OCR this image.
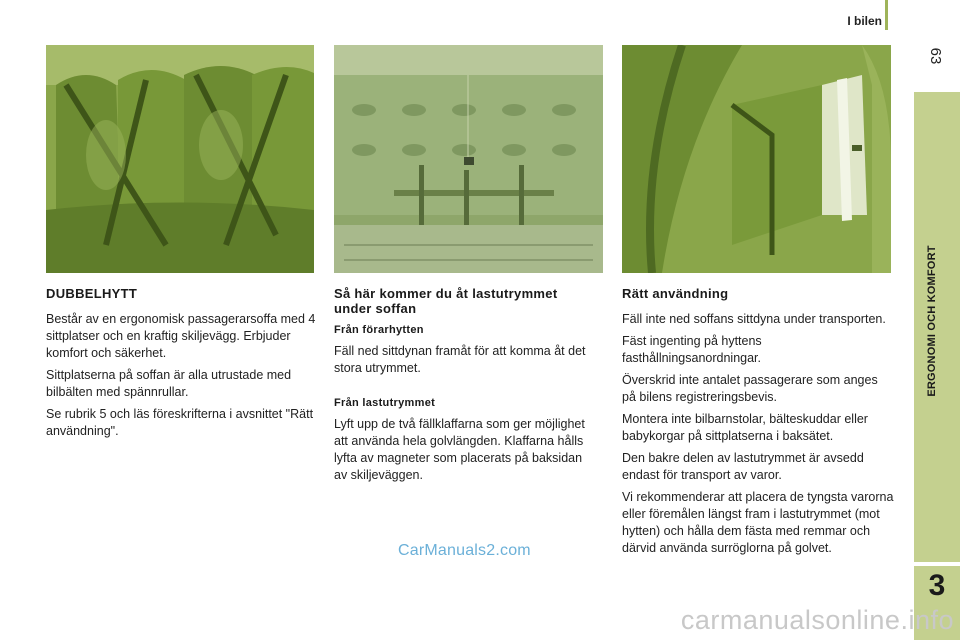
I bilen
63
ERGONOMI OCH KOMFORT
3
DUBBELHYTT

Består av en ergonomisk passagerarsoffa med 4 sittplatser och en kraftig skiljevägg. Erbjuder komfort och säkerhet.

Sittplatserna på soffan är alla utrustade med bilbälten med spännrullar.

Se rubrik 5 och läs föreskrifterna i avsnittet "Rätt användning".

Så här kommer du åt lastutrymmet under soffan
Från förarhytten

Fäll ned sittdynan framåt för att komma åt det stora utrymmet.

Från lastutrymmet

Lyft upp de två fällklaffarna som ger möjlighet att använda hela golvlängden. Klaffarna hålls lyfta av magneter som placerats på baksidan av skiljeväggen.

Rätt användning

Fäll inte ned soffans sittdyna under transporten.

Fäst ingenting på hyttens fasthållningsanordningar.

Överskrid inte antalet passagerare som anges på bilens registreringsbevis.

Montera inte bilbarnstolar, bälteskuddar eller babykorgar på sittplatserna i baksätet.

Den bakre delen av lastutrymmet är avsedd endast för transport av varor.

Vi rekommenderar att placera de tyngsta varorna eller föremålen längst fram i lastutrymmet (mot hytten) och hålla dem fästa med remmar och därvid använda surröglorna på golvet.

CarManuals2.com
carmanualsonline.info
